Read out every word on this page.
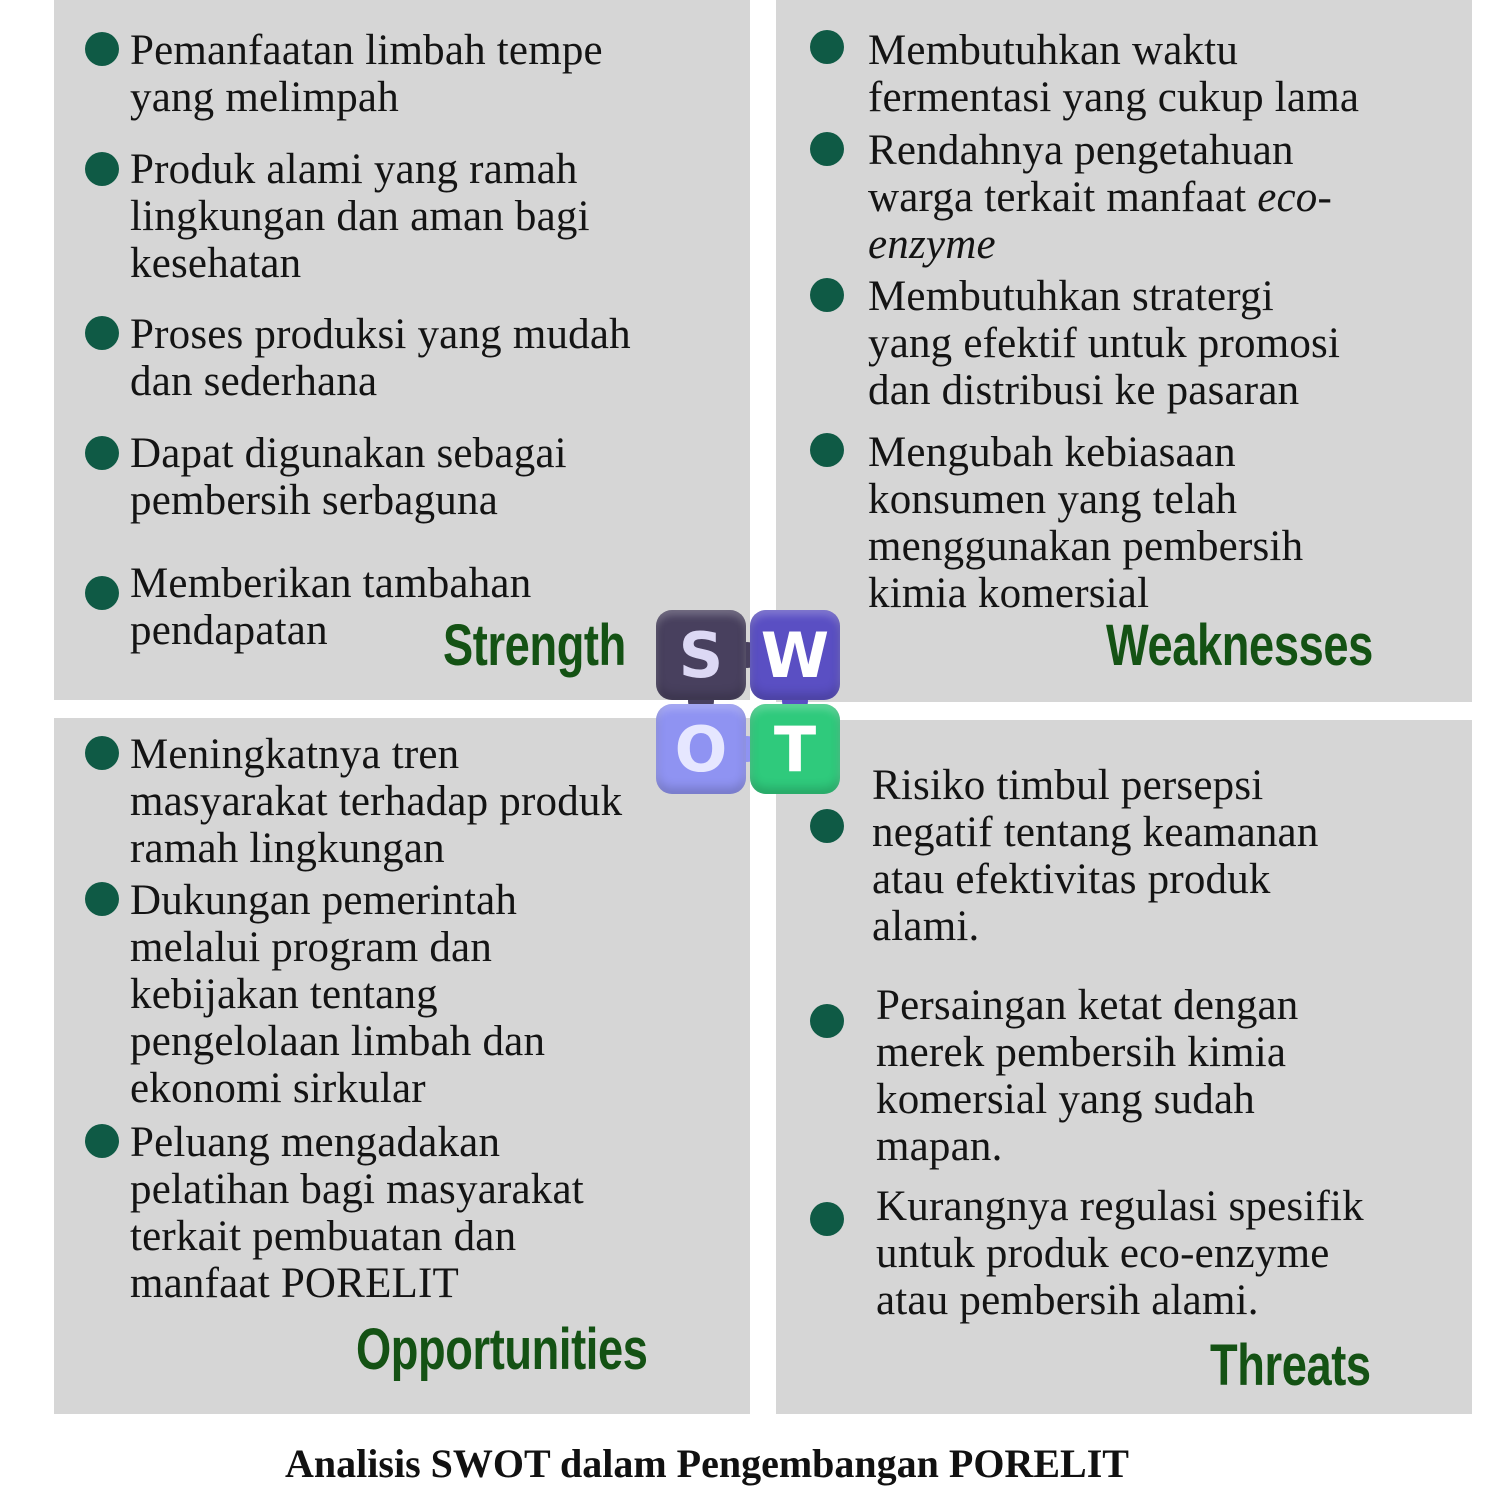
Pemanfaatan limbah tempe
yang melimpah
Produk alami yang ramah
lingkungan dan aman bagi
kesehatan
Proses produksi yang mudah
dan sederhana
Dapat digunakan sebagai
pembersih serbaguna
Memberikan tambahan
pendapatan	Strength
Membutuhkan waktu
fermentasi yang cukup lama
Rendahnya pengetahuan
warga terkait manfaat eco-
enzyme
Membutuhkan stratergi
yang efektif untuk promosi
dan distribusi ke pasaran
Mengubah kebiasaan
konsumen yang telah
menggunakan pembersih
kimia komersial
Weaknesses
Meningkatnya tren
masyarakat terhadap produk
ramah lingkungan
Dukungan pemerintah
melalui program dan
kebijakan tentang
pengelolaan limbah dan
ekonomi sirkular
Peluang mengadakan
pelatihan bagi masyarakat
terkait pembuatan dan
manfaat PORELIT
Opportunities
Risiko timbul persepsi
negatif tentang keamanan
atau efektivitas produk
alami.
Persaingan ketat dengan
merek pembersih kimia
komersial yang sudah
mapan.
Kurangnya regulasi spesifik
untuk produk eco-enzyme
atau pembersih alami.
Threats
S W
O T
Analisis SWOT dalam Pengembangan PORELIT
